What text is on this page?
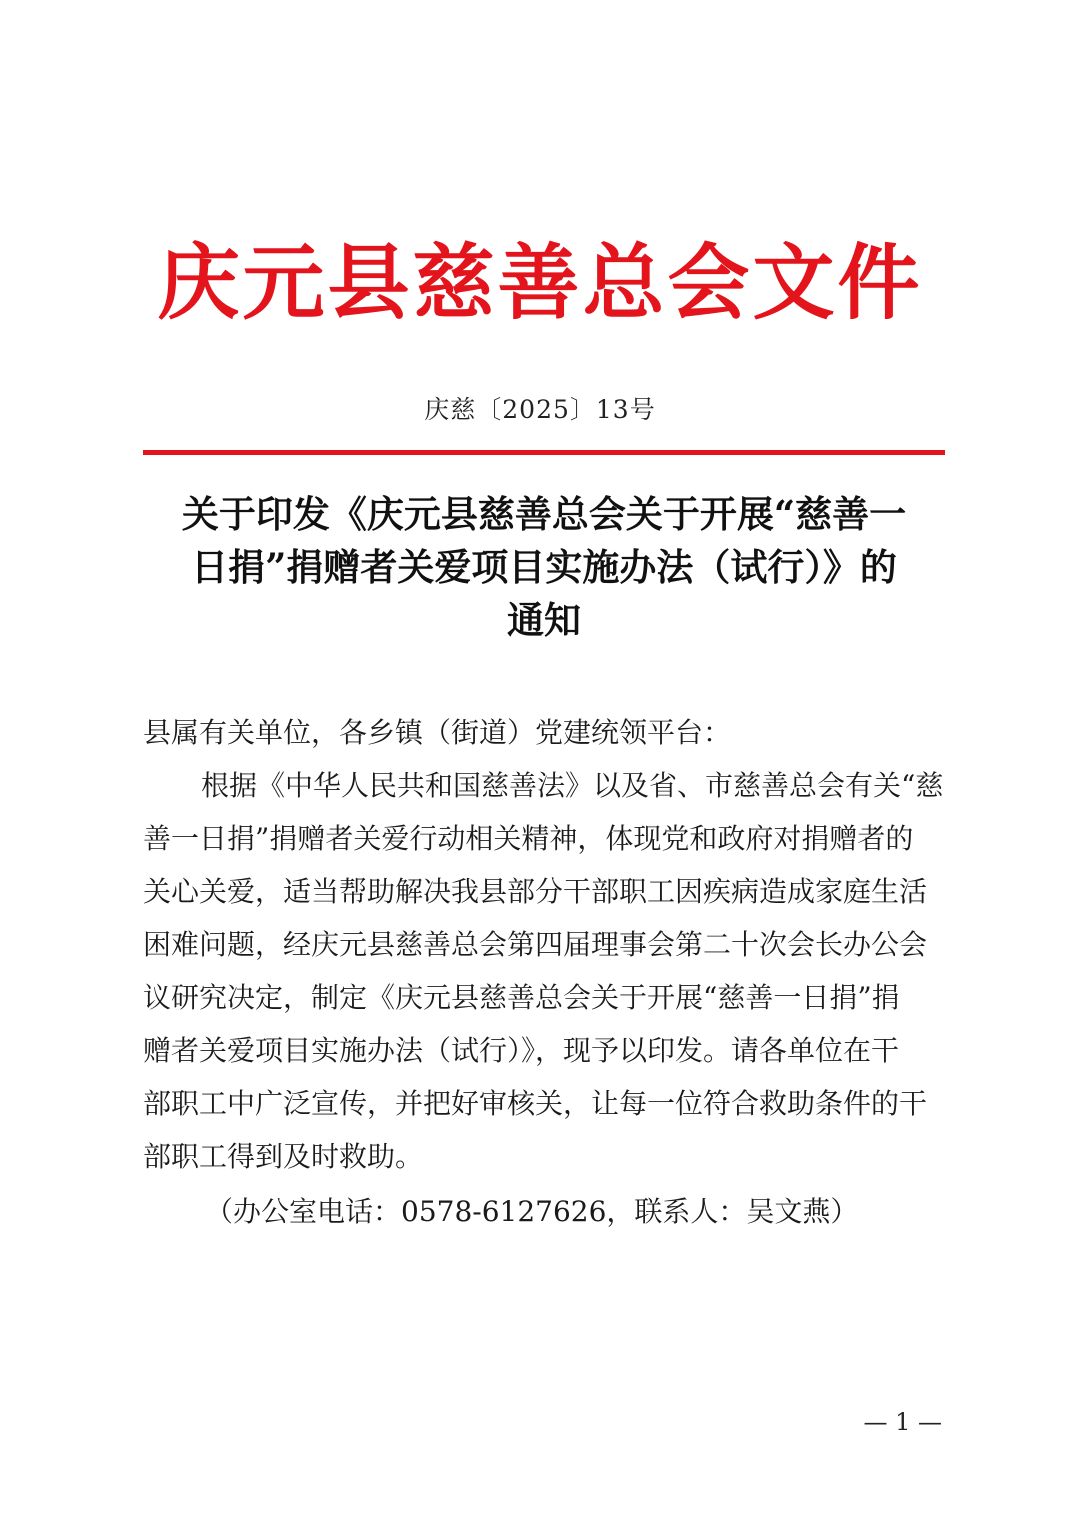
庆元县慈善总会文件
庆慈〔2025〕13号
关于印发《庆元县慈善总会关于开展“慈善一
日捐”捐赠者关爱项目实施办法（试行）》的
通知
县属有关单位，各乡镇（街道）党建统领平台：
根据《中华人民共和国慈善法》以及省、市慈善总会有关“慈
善一日捐”捐赠者关爱行动相关精神，体现党和政府对捐赠者的
关心关爱，适当帮助解决我县部分干部职工因疾病造成家庭生活
困难问题，经庆元县慈善总会第四届理事会第二十次会长办公会
议研究决定，制定《庆元县慈善总会关于开展“慈善一日捐”捐
赠者关爱项目实施办法（试行）》，现予以印发。请各单位在干
部职工中广泛宣传，并把好审核关，让每一位符合救助条件的干
部职工得到及时救助。
（办公室电话：0578-6127626，联系人：吴文燕）
— 1 —
